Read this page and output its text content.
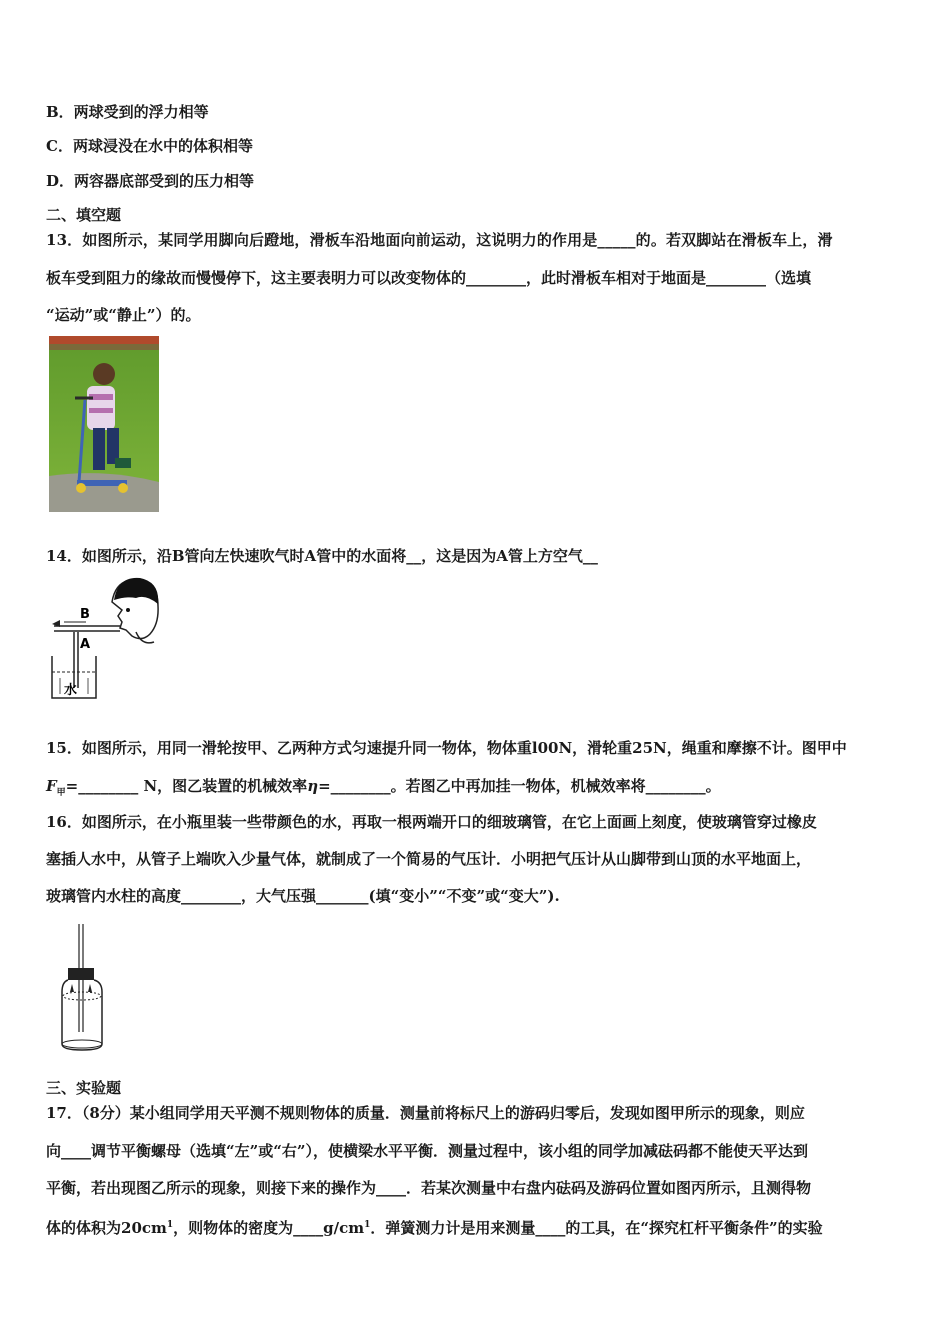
B．两球受到的浮力相等
C．两球浸没在水中的体积相等
D．两容器底部受到的压力相等
二、填空题
13．如图所示，某同学用脚向后蹬地，滑板车沿地面向前运动，这说明力的作用是_____的。若双脚站在滑板车上，滑
板车受到阻力的缘故而慢慢停下，这主要表明力可以改变物体的________，此时滑板车相对于地面是________（选填
“运动”或“静止”）的。
14．如图所示，沿B管向左快速吹气时A管中的水面将__，这是因为A管上方空气__
B
A
水
15．如图所示，用同一滑轮按甲、乙两种方式匀速提升同一物体，物体重l00N，滑轮重25N，绳重和摩擦不计。图甲中
$F_甲=\_\_\_\_\_\_\_\_$ N，图乙装置的机械效率η=________。若图乙中再加挂一物体，机械效率将________。
16．如图所示，在小瓶里装一些带颜色的水，再取一根两端开口的细玻璃管，在它上面画上刻度，使玻璃管穿过橡皮
塞插人水中，从管子上端吹入少量气体，就制成了一个简易的气压计．小明把气压计从山脚带到山顶的水平地面上，
玻璃管内水柱的高度________，大气压强_______(填“变小”“不变”或“变大”).
三、实验题
17．（8分）某小组同学用天平测不规则物体的质量．测量前将标尺上的游码归零后，发现如图甲所示的现象，则应
向____调节平衡螺母（选填“左”或“右”），使横梁水平平衡．测量过程中，该小组的同学加减砝码都不能使天平达到
平衡，若出现图乙所示的现象，则接下来的操作为____．若某次测量中右盘内砝码及游码位置如图丙所示，且测得物
体的体积为$20cm^1$，则物体的密度为$\_\_\_\_g/cm^1$．弹簧测力计是用来测量____的工具，在“探究杠杆平衡条件”的实验
